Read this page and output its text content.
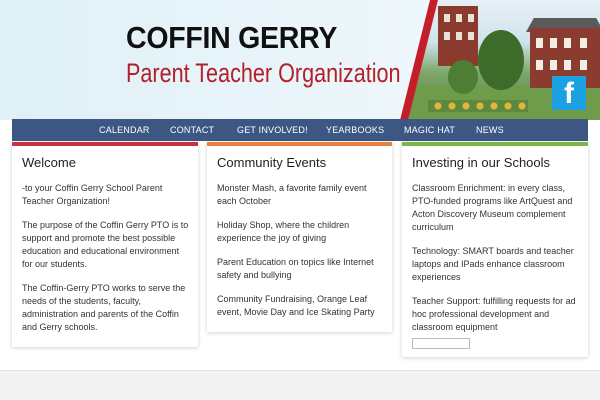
COFFIN GERRY
Parent Teacher Organization
f
CALENDAR CONTACT	GET INVOLVED! YEARBOOKS MAGIC HAT NEWS
Welcome

-to your Coffin Gerry School Parent Teacher Organization!

The purpose of the Coffin Gerry PTO is to support and promote the best possible education and educational environment for our students.

The Coffin-Gerry PTO works to serve the needs of the students, faculty, administration and parents of the Coffin and Gerry schools.

Community Events

Monster Mash, a favorite family event each October

Holiday Shop, where the children experience the joy of giving

Parent Education on topics like Internet safety and bullying

Community Fundraising, Orange Leaf event, Movie Day and Ice Skating Party

Investing in our Schools

Classroom Enrichment: in every class, PTO-funded programs like ArtQuest and Acton Discovery Museum complement curriculum

Technology: SMART boards and teacher laptops and IPads enhance classroom experiences

Teacher Support: fulfilling requests for ad hoc professional development and classroom equipment
